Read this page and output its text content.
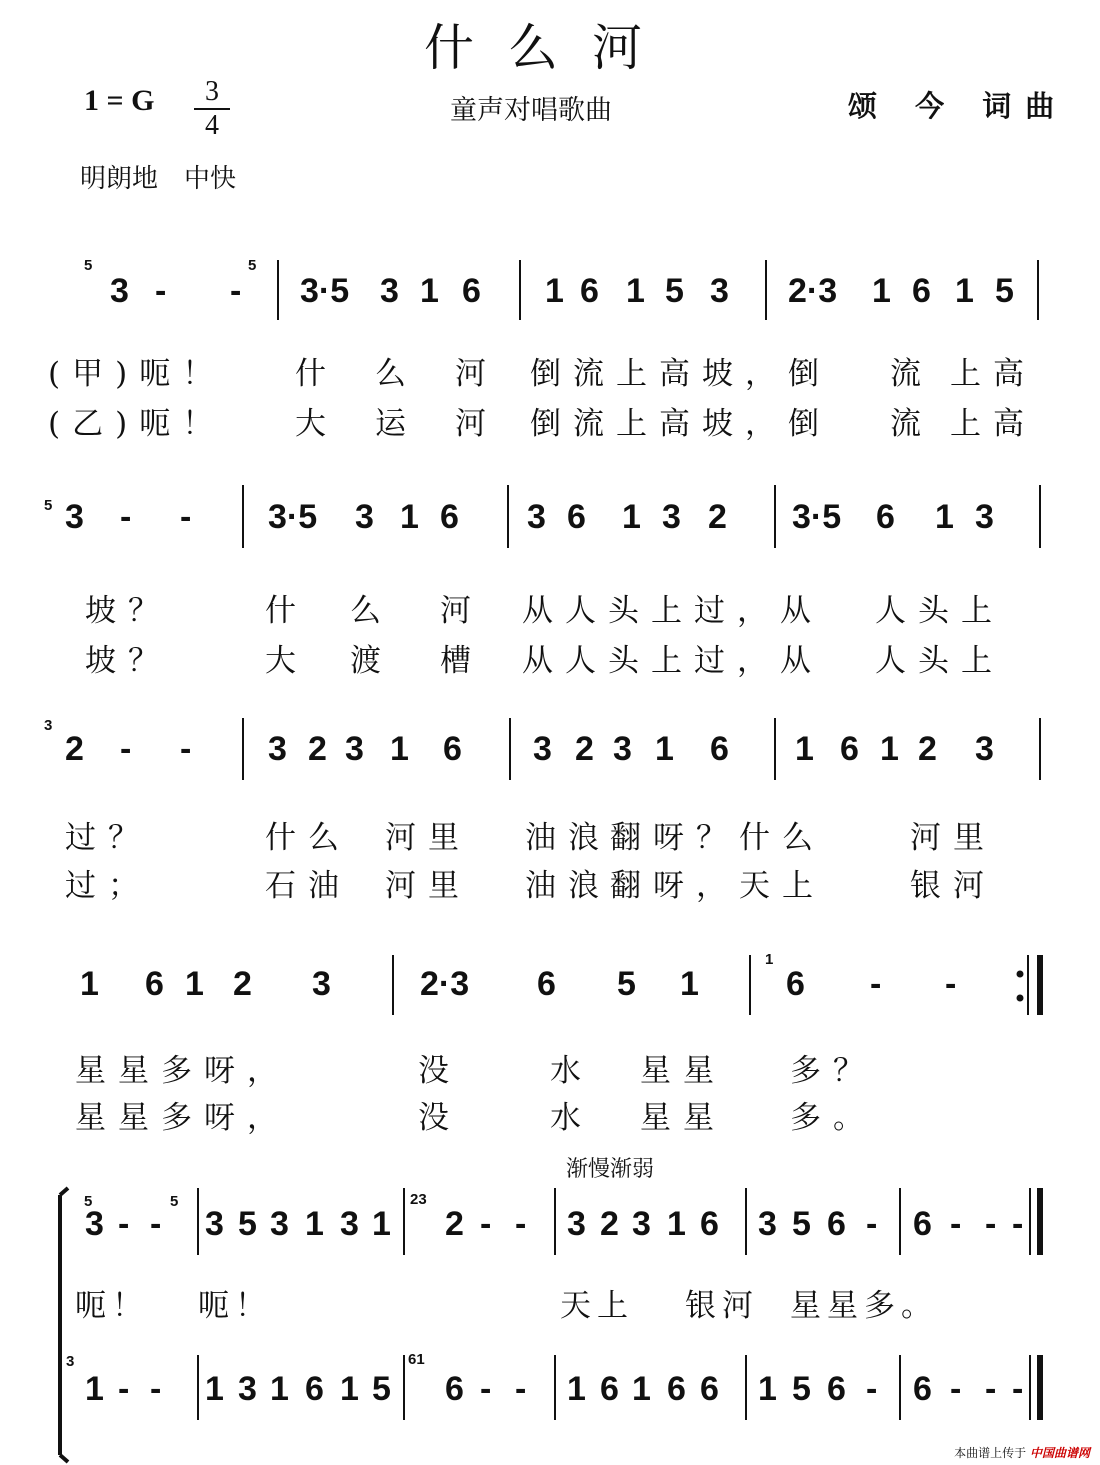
什么河
1 = G	3
4	童声对唱歌曲	颂 今 词曲
明朗地　中快
3 - - 3·5 3 1 6 1 6 1 5 3 2·3 1 6 1 5
3 - - 3·5 3 1 6 3 6 1 3 2 3·5 6 1 3
2 - - 3 2 3 1 6 3 2 3 1 6 1 6 1 2 3
1 6 1 2 3	2·3 6 5 1	6 - -
3 - - 3 5 3 1 3 1 2 - - 3 2 3 1 6 3 5 6 - 6 - - -
1 - - 1 3 1 6 1 5 6 - - 1 6 1 6 6 1 5 6 - 6 - - -
5	5
5
3
1
5	5	23
3	61
(甲)呃！ 什 么 河 倒流上高坡，倒 流 上高
(乙)呃！ 大 运 河 倒流上高坡，倒 流 上高
坡？	什 么 河 从人头上过，从 人头上
坡？	大 渡 槽 从人头上过，从 人头上
过？	什么 河里 油浪 翻呀？什么	河里
过；	石油 河里 油浪 翻呀，天上	银河
星星多呀，	没	水 星星 多？
星星多呀，	没	水 星星 多。
呃！ 呃！	天上 银河 星星多。
渐慢渐弱
本曲谱上传于 中国曲谱网
